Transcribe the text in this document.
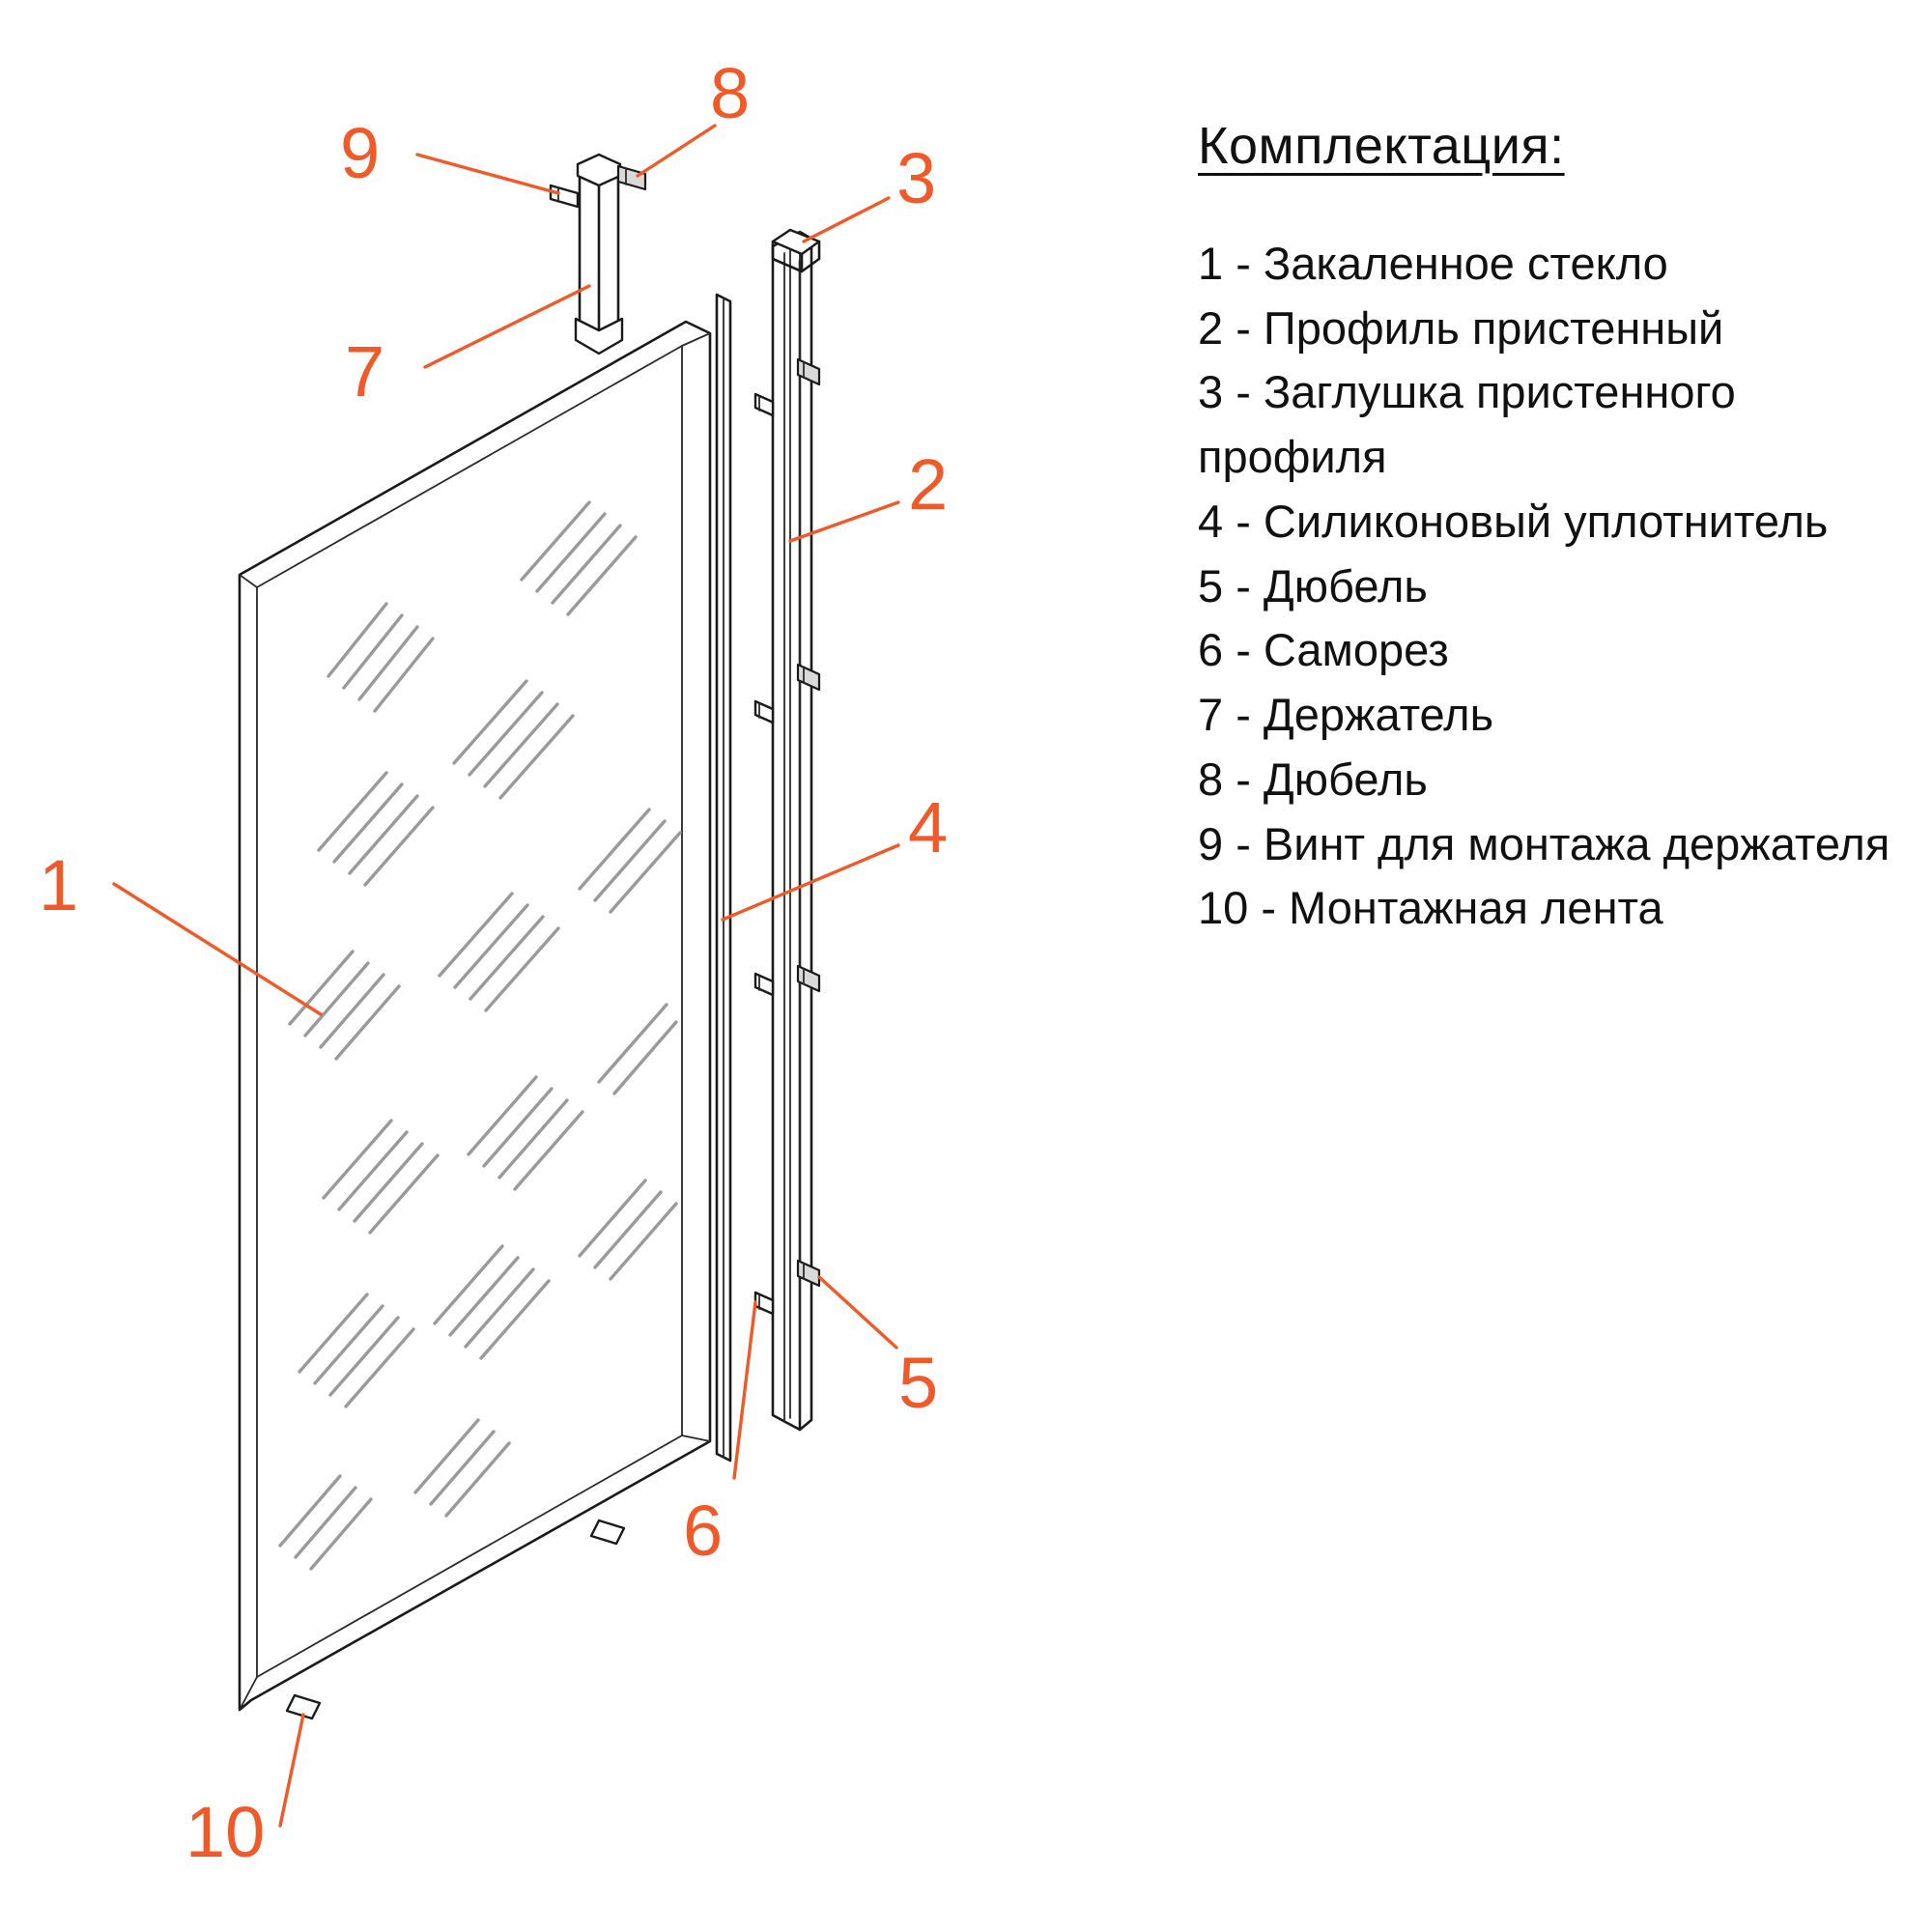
1
2
3
4
5
6
7
8
9
10
Комплектация:
1 - Закаленное стекло
2 - Профиль пристенный
3 - Заглушка пристенного профиля
4 - Силиконовый уплотнитель
5 - Дюбель
6 - Саморез
7 - Держатель
8 - Дюбель
9 - Винт для монтажа держателя
10 - Монтажная лента
